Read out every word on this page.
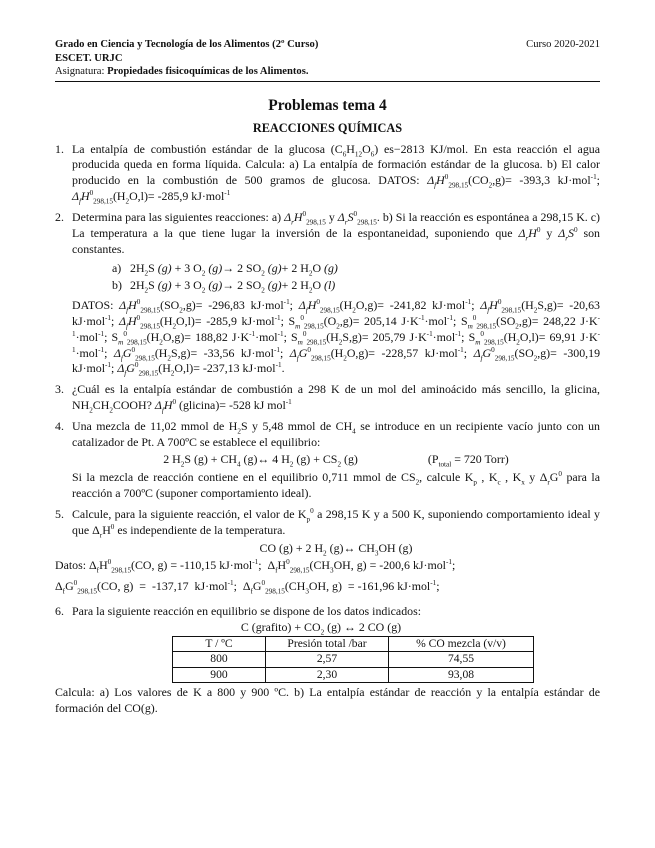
Grado en Ciencia y Tecnología de los Alimentos (2º Curso)
ESCET. URJC
Asignatura: Propiedades fisicoquímicas de los Alimentos.
Curso 2020-2021
Problemas tema 4
REACCIONES QUÍMICAS
1. La entalpía de combustión estándar de la glucosa $(C_6H_{12}O_6)$ es−2813 KJ/mol. En esta reacción el agua producida queda en forma líquida. Calcula: a) La entalpía de formación estándar de la glucosa. b) El calor producido en la combustión de 500 gramos de glucosa. DATOS: $\Delta_fH^0_{298,15}(CO_2,g)= -393,3$ kJ·mol$^{-1}$; $\Delta_fH^0_{298,15}(H_2O,l)= -285,9$ kJ·mol$^{-1}$
2. Determina para las siguientes reacciones: a) $\Delta_rH^0_{298,15}$ y $\Delta_rS^0_{298,15}$. b) Si la reacción es espontánea a 298,15 K. c) La temperatura a la que tiene lugar la inversión de la espontaneidad, suponiendo que $\Delta_rH^0$ y $\Delta_rS^0$ son constantes.
a) $2H_2S$ (g) + 3 $O_2$ (g)→ 2 $SO_2$ (g)+ 2 $H_2O$ (g)
b) $2H_2S$ (g) + 3 $O_2$ (g)→ 2 $SO_2$ (g)+ 2 $H_2O$ (l)
DATOS: $\Delta_fH^0_{298,15}(SO_2,g)= -296,83$ kJ·mol$^{-1}$; $\Delta_fH^0_{298,15}(H_2O,g)= -241,82$ kJ·mol$^{-1}$; $\Delta_fH^0_{298,15}(H_2S,g)= -20,63$ kJ·mol$^{-1}$; $\Delta_fH^0_{298,15}(H_2O,l)= -285,9$ kJ·mol$^{-1}$; $S_m^0_{298,15}(O_2,g)= 205,14$ $J\cdot K^{-1}\cdot mol^{-1}$; $S_m^0_{298,15}(SO_2,g)= 248,22$ $J\cdot K^{-1}\cdot mol^{-1}$; $S_m^0_{298,15}(H_2O,g)= 188,82$ $J\cdot K^{-1}\cdot mol^{-1}$; $S_m^0_{298,15}(H_2S,g)= 205,79$ $J\cdot K^{-1}\cdot mol^{-1}$; $S_m^0_{298,15}(H_2O,l)= 69,91$ $J\cdot K^{-1}\cdot mol^{-1}$; $\Delta_fG^0_{298,15}(H_2S,g)= -33,56$ kJ·mol$^{-1}$; $\Delta_fG^0_{298,15}(H_2O,g)= -228,57$ kJ·mol$^{-1}$; $\Delta_fG^0_{298,15}(SO_2,g)= -300,19$ kJ·mol$^{-1}$; $\Delta_fG^0_{298,15}(H_2O,l)= -237,13$ kJ·mol$^{-1}$.
3. ¿Cuál es la entalpía estándar de combustión a 298 K de un mol del aminoácido más sencillo, la glicina, $NH_2CH_2COOH$? $\Delta_fH^0$ (glicina)= -528 kJ mol$^{-1}$
4. Una mezcla de 11,02 mmol de $H_2S$ y 5,48 mmol de $CH_4$ se introduce en un recipiente vacío junto con un catalizador de Pt. A 700ºC se establece el equilibrio:
2 $H_2S$ $(g) + CH_4$ (g)↔ 4 $H_2$ $(g) + CS_2$ (g)	($P_{total} = 720$ Torr)
Si la mezcla de reacción contiene en el equilibrio 0,711 mmol de $CS_2$, calcule $K_p$ , $K_c$ , $K_x$ y $\Delta_rG^0$ para la reacción a 700ºC (suponer comportamiento ideal).
5. Calcule, para la siguiente reacción, el valor de $K_p^0$ a 298,15 K y a 500 K, suponiendo comportamiento ideal y que $\Delta_rH^0$ es independiente de la temperatura.
CO (g) + 2 $H_2$ (g)↔ $CH_3OH$ (g)
Datos: $\Delta_fH^0_{298,15}(CO$, g) = -110,15 kJ·mol$^{-1}$;  $\Delta_fH^0_{298,15}(CH_3OH$, g) = -200,6 kJ·mol$^{-1}$;
$\Delta_fG^0_{298,15}(CO$, g)  =  -137,17  kJ·mol$^{-1}$;  $\Delta_fG^0_{298,15}(CH_3OH$, g)  = -161,96 kJ·mol$^{-1}$;
6. Para la siguiente reacción en equilibrio se dispone de los datos indicados:
C (grafito) + $CO_2$ (g) ↔ 2 CO (g)
T / ºC	Presión total /bar	% CO mezcla (v/v)
800	2,57	74,55
900	2,30	93,08
Calcula: a) Los valores de K a 800 y 900 ºC. b) La entalpía estándar de reacción y la entalpía estándar de formación del CO(g).
